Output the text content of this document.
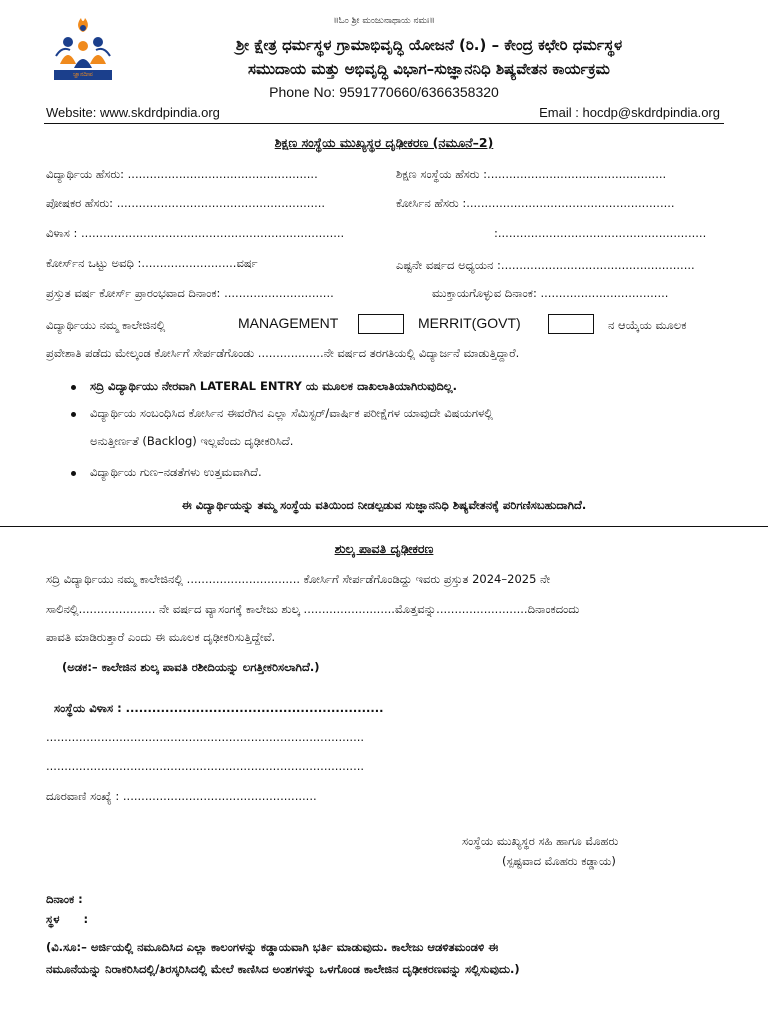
ಜ್ಞಾನದೀಪ
॥ಓಂ ಶ್ರೀ ಮಂಜುನಾಥಾಯ ನಮಃ॥
ಶ್ರೀ ಕ್ಷೇತ್ರ ಧರ್ಮಸ್ಥಳ ಗ್ರಾಮಾಭಿವೃದ್ಧಿ ಯೋಜನೆ (ರಿ.) – ಕೇಂದ್ರ ಕಛೇರಿ ಧರ್ಮಸ್ಥಳ
ಸಮುದಾಯ ಮತ್ತು ಅಭಿವೃದ್ಧಿ ವಿಭಾಗ–ಸುಜ್ಞಾನನಿಧಿ ಶಿಷ್ಯವೇತನ ಕಾರ್ಯಕ್ರಮ
Phone No: 9591770660/6366358320
Website: www.skdrdpindia.org	Email : hocdp@skdrdpindia.org
ಶಿಕ್ಷಣ ಸಂಸ್ಥೆಯ ಮುಖ್ಯಸ್ಥರ ದೃಢೀಕರಣ (ನಮೂನೆ–2)
ವಿದ್ಯಾರ್ಥಿಯ ಹೆಸರು: ....................................................	ಶಿಕ್ಷಣ ಸಂಸ್ಥೆಯ ಹೆಸರು :.................................................
ಪೋಷಕರ ಹೆಸರು: .........................................................	ಕೋರ್ಸಿನ ಹೆಸರು :.........................................................
ವಿಳಾಸ : ........................................................................	:.........................................................
ಕೋರ್ಸ್‌ನ ಒಟ್ಟು ಅವಧಿ :..........................ವರ್ಷ	ಎಷ್ಟನೇ ವರ್ಷದ ಅಧ್ಯಯನ :.....................................................
ಪ್ರಸ್ತುತ ವರ್ಷ ಕೋರ್ಸ್ ಪ್ರಾರಂಭವಾದ ದಿನಾಂಕ: ..............................	ಮುಕ್ತಾಯಗೊಳ್ಳುವ ದಿನಾಂಕ: ...................................
ವಿದ್ಯಾರ್ಥಿಯು ನಮ್ಮ ಕಾಲೇಜಿನಲ್ಲಿ	MANAGEMENT	MERRIT(GOVT)	ನ ಆಯ್ಕೆಯ ಮೂಲಕ
ಪ್ರವೇಶಾತಿ ಪಡೆದು ಮೇಲ್ಕಂಡ ಕೋರ್ಸಿಗೆ ಸೇರ್ಪಡೆಗೊಂಡು ..................ನೇ ವರ್ಷದ ತರಗತಿಯಲ್ಲಿ ವಿದ್ಯಾರ್ಜನೆ ಮಾಡುತ್ತಿದ್ದಾರೆ.
ಸದ್ರಿ ವಿದ್ಯಾರ್ಥಿಯು ನೇರವಾಗಿ LATERAL ENTRY ಯ ಮೂಲಕ ದಾಖಲಾತಿಯಾಗಿರುವುದಿಲ್ಲ.
ವಿದ್ಯಾರ್ಥಿಯ ಸಂಬಂಧಿಸಿದ ಕೋರ್ಸಿನ ಈವರೆಗಿನ ಎಲ್ಲಾ ಸೆಮಿಸ್ಟರ್/ವಾರ್ಷಿಕ ಪರೀಕ್ಷೆಗಳ ಯಾವುದೇ ವಿಷಯಗಳಲ್ಲಿ
ಅನುತ್ತೀರ್ಣತೆ (Backlog) ಇಲ್ಲವೆಂದು ದೃಢೀಕರಿಸಿದೆ.
ವಿದ್ಯಾರ್ಥಿಯ ಗುಣ–ನಡತೆಗಳು ಉತ್ತಮವಾಗಿದೆ.
ಈ ವಿದ್ಯಾರ್ಥಿಯನ್ನು ತಮ್ಮ ಸಂಸ್ಥೆಯ ವತಿಯಿಂದ ನೀಡಲ್ಪಡುವ ಸುಜ್ಞಾನನಿಧಿ ಶಿಷ್ಯವೇತನಕ್ಕೆ ಪರಿಗಣಿಸಬಹುದಾಗಿದೆ.
ಶುಲ್ಕ ಪಾವತಿ ದೃಢೀಕರಣ
ಸದ್ರಿ ವಿದ್ಯಾರ್ಥಿಯು ನಮ್ಮ ಕಾಲೇಜಿನಲ್ಲಿ ............................... ಕೋರ್ಸಿಗೆ ಸೇರ್ಪಡೆಗೊಂಡಿದ್ದು ಇವರು ಪ್ರಸ್ತುತ 2024–2025 ನೇ
ಸಾಲಿನಲ್ಲಿ..................... ನೇ ವರ್ಷದ ವ್ಯಾಸಂಗಕ್ಕೆ ಕಾಲೇಜು ಶುಲ್ಕ .........................ಮೊತ್ತವನ್ನು.........................ದಿನಾಂಕದಂದು
ಪಾವತಿ ಮಾಡಿರುತ್ತಾರೆ ಎಂದು ಈ ಮೂಲಕ ದೃಢೀಕರಿಸುತ್ತಿದ್ದೇವೆ.
(ಅಡಕ:– ಕಾಲೇಜಿನ ಶುಲ್ಕ ಪಾವತಿ ರಶೀದಿಯನ್ನು ಲಗತ್ತೀಕರಿಸಲಾಗಿದೆ.)
ಸಂಸ್ಥೆಯ ವಿಳಾಸ : ...........................................................
.......................................................................................
.......................................................................................
ದೂರವಾಣಿ ಸಂಖ್ಯೆ : .....................................................
ಸಂಸ್ಥೆಯ ಮುಖ್ಯಸ್ಥರ ಸಹಿ ಹಾಗೂ ಮೊಹರು
(ಸ್ಪಷ್ಟವಾದ ಮೊಹರು ಕಡ್ಡಾಯ)
ದಿನಾಂಕ :
ಸ್ಥಳ      :
(ವಿ.ಸೂ:– ಅರ್ಜಿಯಲ್ಲಿ ನಮೂದಿಸಿದ ಎಲ್ಲಾ ಕಾಲಂಗಳನ್ನು ಕಡ್ಡಾಯವಾಗಿ ಭರ್ತಿ ಮಾಡುವುದು. ಕಾಲೇಜು ಆಡಳಿತಮಂಡಳಿ ಈ
ನಮೂನೆಯನ್ನು ನಿರಾಕರಿಸಿದಲ್ಲಿ/ತಿರಸ್ಕರಿಸಿದಲ್ಲಿ ಮೇಲೆ ಕಾಣಿಸಿದ ಅಂಶಗಳನ್ನು ಒಳಗೊಂಡ ಕಾಲೇಜಿನ ದೃಢೀಕರಣವನ್ನು ಸಲ್ಲಿಸುವುದು.)
